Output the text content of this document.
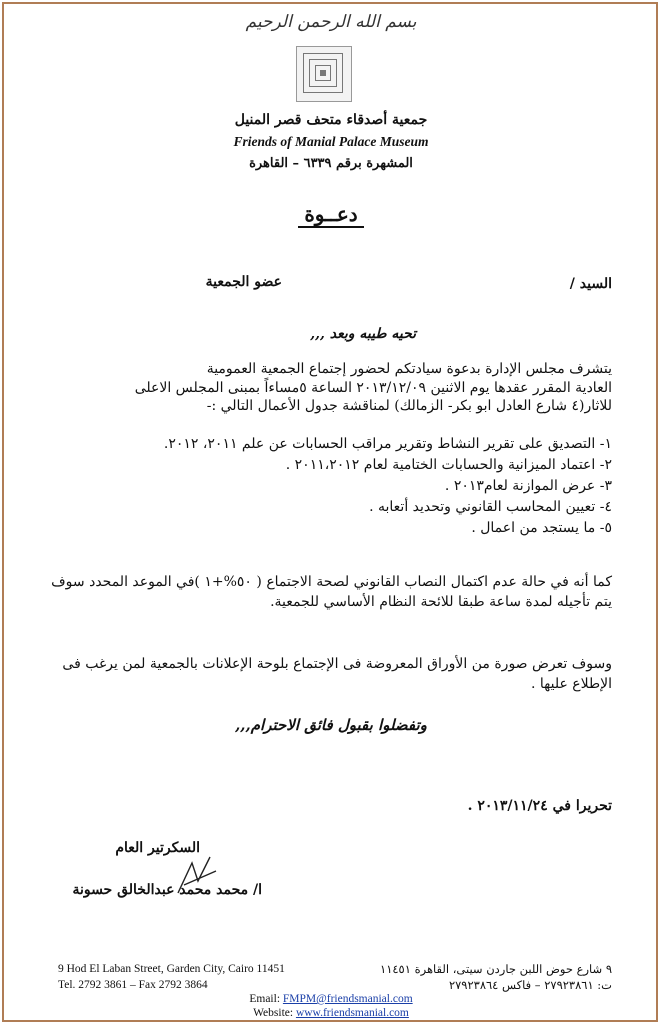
بسم الله الرحمن الرحيم
جمعية أصدقاء متحف قصر المنيل
Friends of Manial Palace Museum
المشهرة برقم ٦٣٣٩ – القاهرة
دعــوة
السيد /
عضو الجمعية
تحيه طيبه وبعد ,,,

يتشرف مجلس الإدارة بدعوة سيادتكم لحضور إجتماع الجمعية العمومية

العادية المقرر عقدها يوم الاثنين ٢٠١٣/١٢/٠٩ الساعة ٥مساءاً بمبنى المجلس الاعلى

للاثار(٤ شارع العادل ابو بكر- الزمالك) لمناقشة جدول الأعمال التالي :-

١- التصديق على تقرير النشاط وتقرير مراقب الحسابات عن علم ٢٠١١، ٢٠١٢.
٢- اعتماد الميزانية والحسابات الختامية لعام ٢٠١١،٢٠١٢ .
٣- عرض الموازنة لعام٢٠١٣ .
٤- تعيين المحاسب القانوني وتحديد أتعابه .
٥- ما يستجد من اعمال .
كما أنه في حالة عدم اكتمال النصاب القانوني لصحة الاجتماع ( ٥٠%+١ )في الموعد المحدد سوف يتم تأجيله لمدة ساعة طبقا للائحة النظام الأساسي للجمعية.
وسوف تعرض صورة من الأوراق المعروضة فى الإجتماع بلوحة الإعلانات بالجمعية لمن يرغب فى الإطلاع عليها .
وتفضلوا بقبول فائق الاحترام,,,
تحريرا في ٢٠١٣/١١/٢٤ .
السكرتير العام
ا/ محمد محمد عبدالخالق حسونة
9 Hod El Laban Street, Garden City, Cairo 11451
Tel. 2792 3861 – Fax 2792 3864
٩ شارع حوض اللبن جاردن سيتى، القاهرة ١١٤٥١
ت: ٢٧٩٢٣٨٦١ – فاكس ٢٧٩٢٣٨٦٤
Email: FMPM@friendsmanial.com
Website: www.friendsmanial.com
